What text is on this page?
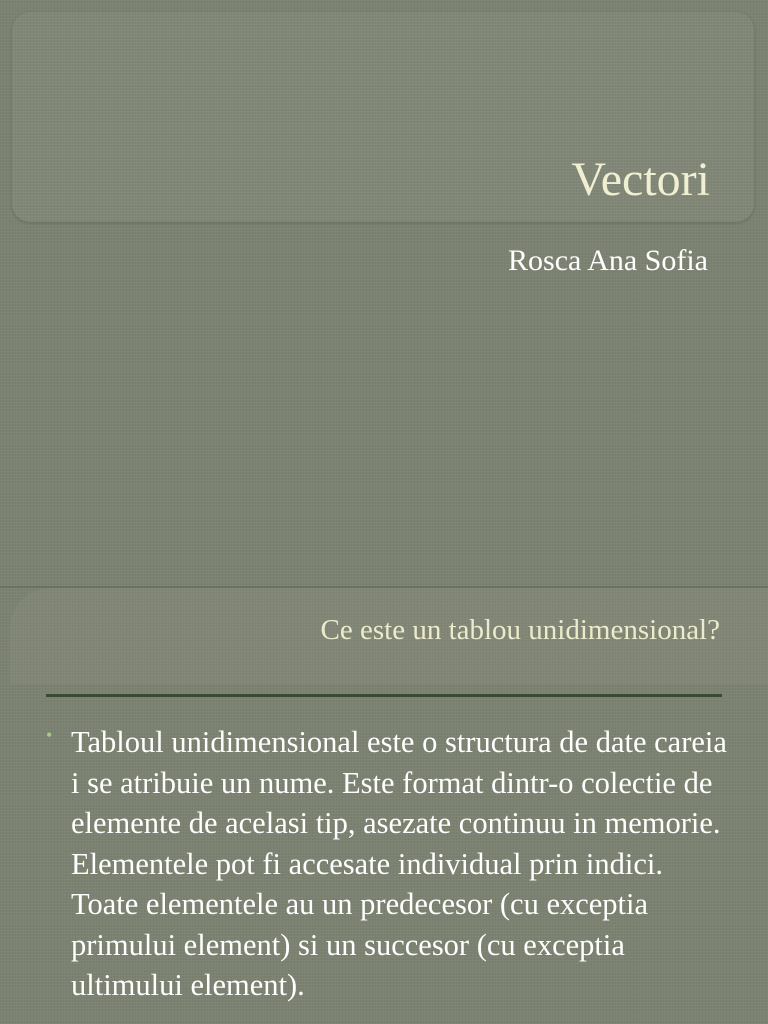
Vectori
Rosca Ana Sofia
Ce este un tablou unidimensional?
• Tabloul unidimensional este o structura de date careia i se atribuie un nume. Este format dintr-o colectie de elemente de acelasi tip, asezate continuu in memorie. Elementele pot fi accesate individual prin indici. Toate elementele au un predecesor (cu exceptia primului element) si un succesor (cu exceptia ultimului element).
